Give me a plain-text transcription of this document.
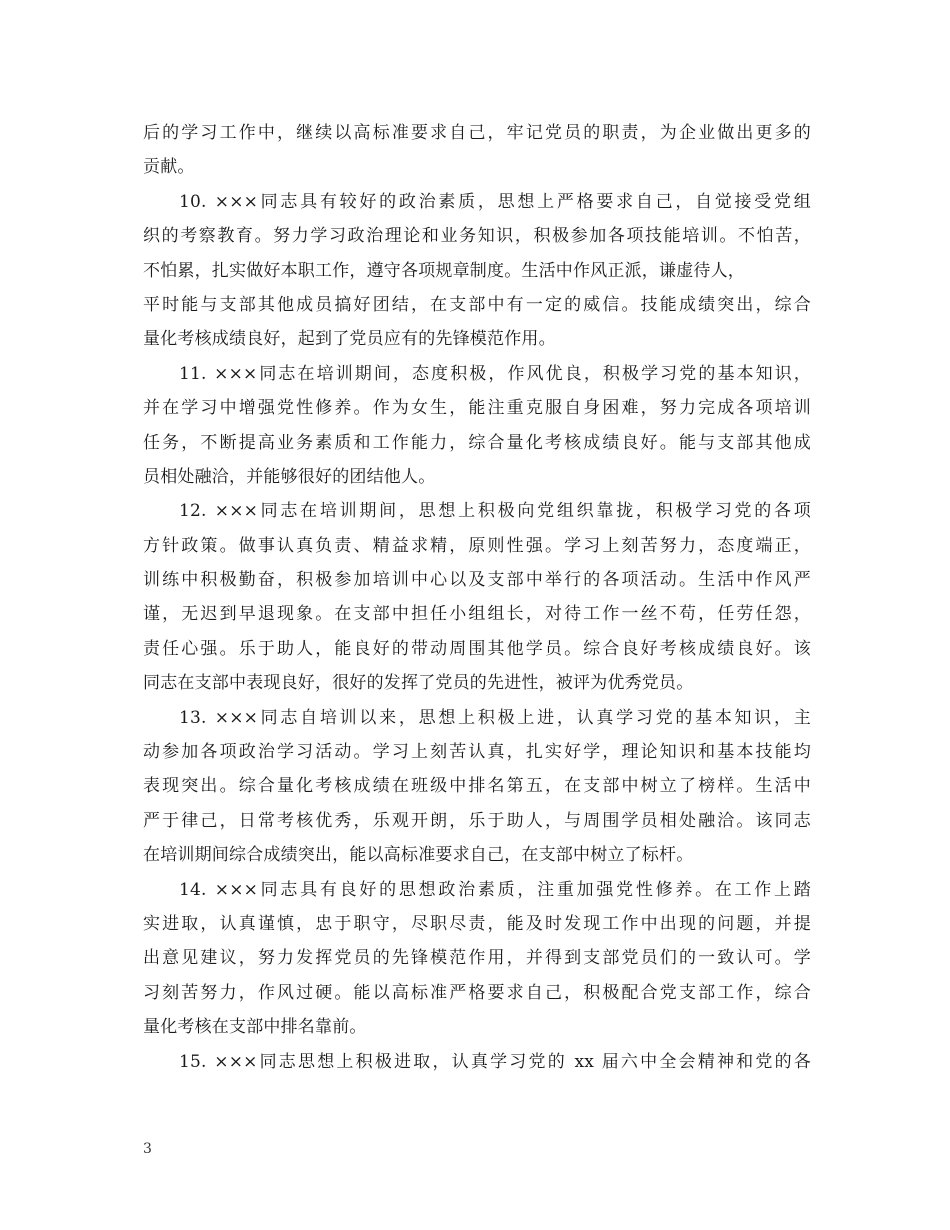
后的学习工作中，继续以高标准要求自己，牢记党员的职责，为企业做出更多的
贡献。
10. ×××同志具有较好的政治素质，思想上严格要求自己，自觉接受党组
织的考察教育。努力学习政治理论和业务知识，积极参加各项技能培训。不怕苦，
不怕累，扎实做好本职工作，遵守各项规章制度。生活中作风正派，谦虚待人，
平时能与支部其他成员搞好团结，在支部中有一定的威信。技能成绩突出，综合
量化考核成绩良好，起到了党员应有的先锋模范作用。
11. ×××同志在培训期间，态度积极，作风优良，积极学习党的基本知识，
并在学习中增强党性修养。作为女生，能注重克服自身困难，努力完成各项培训
任务，不断提高业务素质和工作能力，综合量化考核成绩良好。能与支部其他成
员相处融洽，并能够很好的团结他人。
12. ×××同志在培训期间，思想上积极向党组织靠拢，积极学习党的各项
方针政策。做事认真负责、精益求精，原则性强。学习上刻苦努力，态度端正，
训练中积极勤奋，积极参加培训中心以及支部中举行的各项活动。生活中作风严
谨，无迟到早退现象。在支部中担任小组组长，对待工作一丝不苟，任劳任怨，
责任心强。乐于助人，能良好的带动周围其他学员。综合良好考核成绩良好。该
同志在支部中表现良好，很好的发挥了党员的先进性，被评为优秀党员。
13. ×××同志自培训以来，思想上积极上进，认真学习党的基本知识，主
动参加各项政治学习活动。学习上刻苦认真，扎实好学，理论知识和基本技能均
表现突出。综合量化考核成绩在班级中排名第五，在支部中树立了榜样。生活中
严于律己，日常考核优秀，乐观开朗，乐于助人，与周围学员相处融洽。该同志
在培训期间综合成绩突出，能以高标准要求自己，在支部中树立了标杆。
14. ×××同志具有良好的思想政治素质，注重加强党性修养。在工作上踏
实进取，认真谨慎，忠于职守，尽职尽责，能及时发现工作中出现的问题，并提
出意见建议，努力发挥党员的先锋模范作用，并得到支部党员们的一致认可。学
习刻苦努力，作风过硬。能以高标准严格要求自己，积极配合党支部工作，综合
量化考核在支部中排名靠前。
15. ×××同志思想上积极进取，认真学习党的 xx 届六中全会精神和党的各
3
